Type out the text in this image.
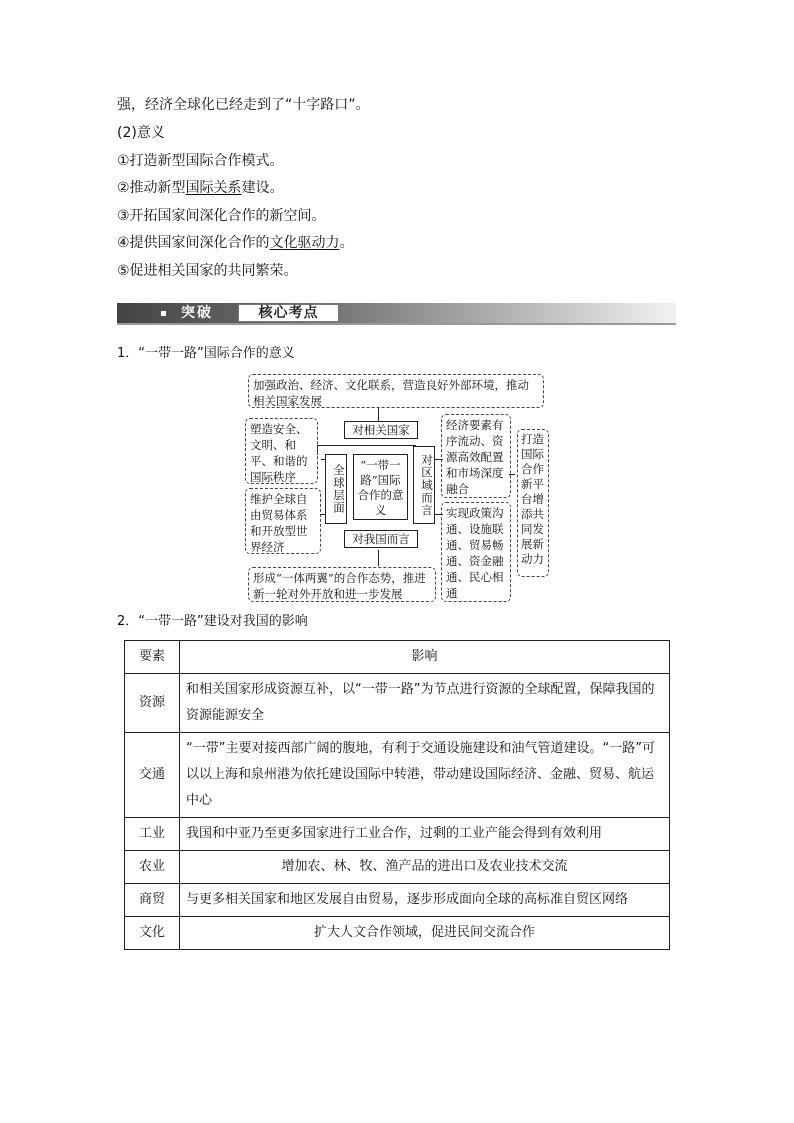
强，经济全球化已经走到了“十字路口”。
(2)意义
①打造新型国际合作模式。
②推动新型国际关系建设。
③开拓国家间深化合作的新空间。
④提供国家间深化合作的文化驱动力。
⑤促进相关国家的共同繁荣。
突破	核心考点
1．“一带一路”国际合作的意义
加强政治、经济、文化联系，营造良好外部环境，推动相关国家发展
塑造安全、文明、和平、和谐的国际秩序
维护全球自由贸易体系和开放型世界经济
全球层面
对相关国家
“一带一路”国际合作的意义
对我国而言
对区域而言
经济要素有序流动、资源高效配置和市场深度融合
实现政策沟通、设施联通、贸易畅通、资金融通、民心相通
打造国际合作新平台增添共同发展新动力
形成“一体两翼”的合作态势，推进新一轮对外开放和进一步发展
2．“一带一路”建设对我国的影响
要素	影响
资源	和相关国家形成资源互补，以“一带一路”为节点进行资源的全球配置，保障我国的资源能源安全
交通	“一带”主要对接西部广阔的腹地，有利于交通设施建设和油气管道建设。“一路”可以以上海和泉州港为依托建设国际中转港，带动建设国际经济、金融、贸易、航运中心
工业	我国和中亚乃至更多国家进行工业合作，过剩的工业产能会得到有效利用
农业	增加农、林、牧、渔产品的进出口及农业技术交流
商贸	与更多相关国家和地区发展自由贸易，逐步形成面向全球的高标准自贸区网络
文化	扩大人文合作领域，促进民间交流合作
